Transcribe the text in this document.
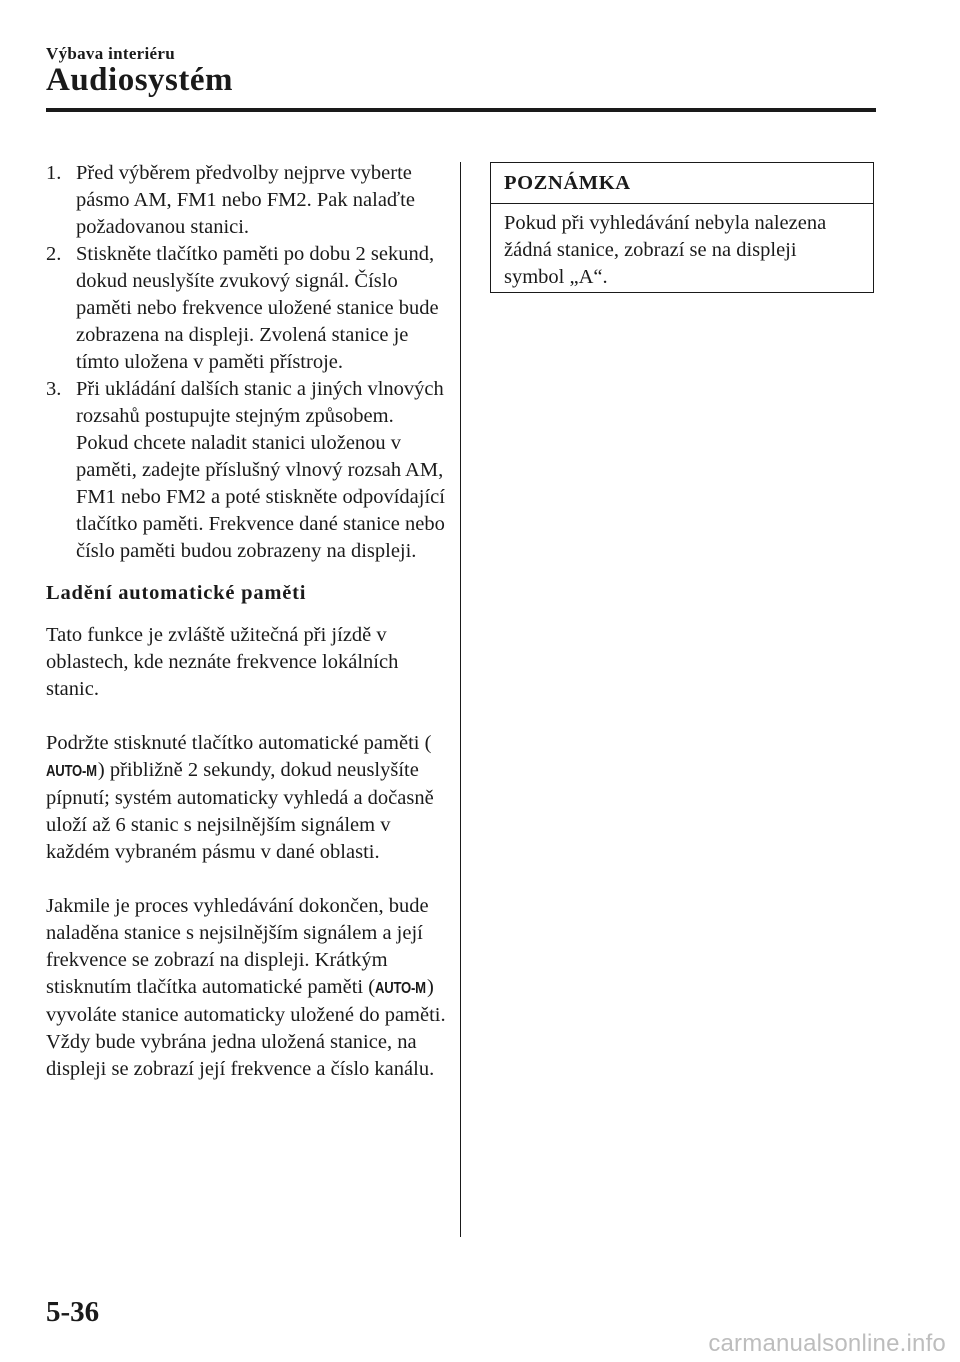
Výbava interiéru
Audiosystém
1. Před výběrem předvolby nejprve vyberte pásmo AM, FM1 nebo FM2. Pak nalaďte požadovanou stanici.
2. Stiskněte tlačítko paměti po dobu 2 sekund, dokud neuslyšíte zvukový signál. Číslo paměti nebo frekvence uložené stanice bude zobrazena na displeji. Zvolená stanice je tímto uložena v paměti přístroje.
3. Při ukládání dalších stanic a jiných vlnových rozsahů postupujte stejným způsobem. Pokud chcete naladit stanici uloženou v paměti, zadejte příslušný vlnový rozsah AM, FM1 nebo FM2 a poté stiskněte odpovídající tlačítko paměti. Frekvence dané stanice nebo číslo paměti budou zobrazeny na displeji.
Ladění automatické paměti

Tato funkce je zvláště užitečná při jízdě v oblastech, kde neznáte frekvence lokálních stanic.

Podržte stisknuté tlačítko automatické paměti (AUTO-M) přibližně 2 sekundy, dokud neuslyšíte pípnutí; systém automaticky vyhledá a dočasně uloží až 6 stanic s nejsilnějším signálem v každém vybraném pásmu v dané oblasti.

Jakmile je proces vyhledávání dokončen, bude naladěna stanice s nejsilnějším signálem a její frekvence se zobrazí na displeji. Krátkým stisknutím tlačítka automatické paměti (AUTO-M) vyvoláte stanice automaticky uložené do paměti. Vždy bude vybrána jedna uložená stanice, na displeji se zobrazí její frekvence a číslo kanálu.

POZNÁMKA
Pokud při vyhledávání nebyla nalezena žádná stanice, zobrazí se na displeji symbol „A“.
5-36
carmanualsonline.info
